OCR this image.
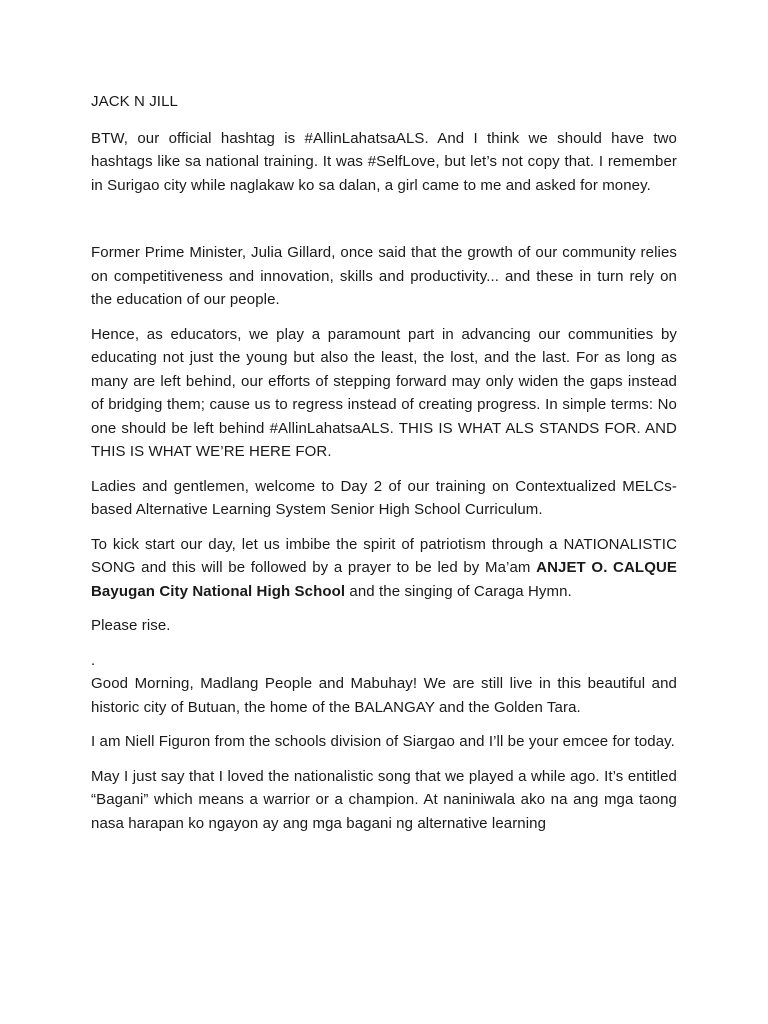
JACK N JILL

BTW, our official hashtag is #AllinLahatsaALS. And I think we should have two hashtags like sa national training. It was #SelfLove, but let’s not copy that. I remember in Surigao city while naglakaw ko sa dalan, a girl came to me and asked for money.

Former Prime Minister, Julia Gillard, once said that the growth of our community relies on competitiveness and innovation, skills and productivity... and these in turn rely on the education of our people.

Hence, as educators, we play a paramount part in advancing our communities by educating not just the young but also the least, the lost, and the last. For as long as many are left behind, our efforts of stepping forward may only widen the gaps instead of bridging them; cause us to regress instead of creating progress. In simple terms: No one should be left behind #AllinLahatsaALS. THIS IS WHAT ALS STANDS FOR. AND THIS IS WHAT WE’RE HERE FOR.

Ladies and gentlemen, welcome to Day 2 of our training on Contextualized MELCs-based Alternative Learning System Senior High School Curriculum.

To kick start our day, let us imbibe the spirit of patriotism through a NATIONALISTIC SONG and this will be followed by a prayer to be led by Ma’am ANJET O. CALQUE Bayugan City National High School and the singing of Caraga Hymn.

Please rise.

.

Good Morning, Madlang People and Mabuhay! We are still live in this beautiful and historic city of Butuan, the home of the BALANGAY and the Golden Tara.

I am Niell Figuron from the schools division of Siargao and I’ll be your emcee for today.

May I just say that I loved the nationalistic song that we played a while ago. It’s entitled “Bagani” which means a warrior or a champion. At naniniwala ako na ang mga taong nasa harapan ko ngayon ay ang mga bagani ng alternative learning
